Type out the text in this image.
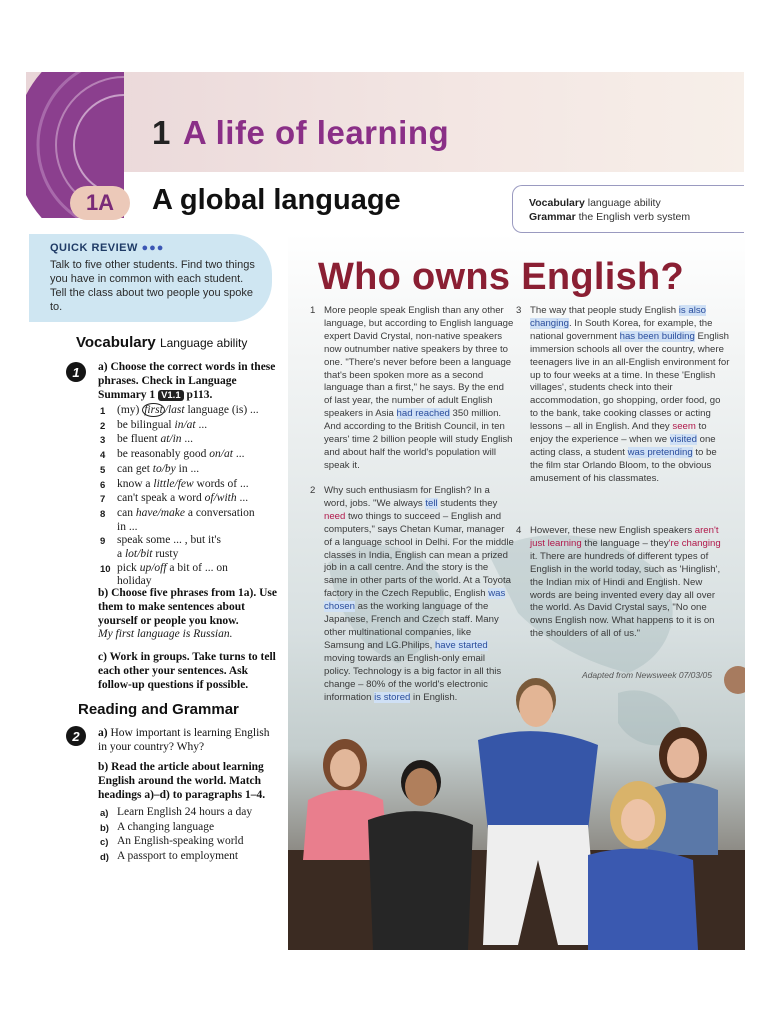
1 A life of learning
1A A global language	Vocabulary language ability
Grammar the English verb system
QUICK REVIEW ●●●
Talk to five other students. Find two things you have in common with each student. Tell the class about two people you spoke to.
Vocabulary Language ability
1	a) Choose the correct words in these phrases. Check in Language Summary 1 V1.1 p113.
1	(my) first /last language (is) ...
2	be bilingual in/at ...
3	be fluent at/in ...
4	be reasonably good on/at ...
5	can get to/by in ...
6	know a little/few words of ...
7	can't speak a word of/with ...
8	can have/make a conversation
in ...
9	speak some ... , but it's
a lot/bit rusty
10 pick up/off a bit of ... on
holiday
b) Choose five phrases from 1a). Use them to make sentences about yourself or people you know.
My first language is Russian.
c) Work in groups. Take turns to tell each other your sentences. Ask follow-up questions if possible.
Reading and Grammar
2	a) How important is learning English in your country? Why?
b) Read the article about learning English around the world. Match headings a)–d) to paragraphs 1–4.
a) Learn English 24 hours a day
b) A changing language
c) An English-speaking world
d) A passport to employment
Who owns English?
1 More people speak English than any other language, but according to English language expert David Crystal, non-native speakers now outnumber native speakers by three to one. "There's never before been a language that's been spoken more as a second language than a first," he says. By the end of last year, the number of adult English speakers in Asia had reached 350 million. And according to the British Council, in ten years' time 2 billion people will study English and about half the world's population will speak it.
2 Why such enthusiasm for English? In a word, jobs. "We always tell students they need two things to succeed – English and computers," says Chetan Kumar, manager of a language school in Delhi. For the middle classes in India, English can mean a prized job in a call centre. And the story is the same in other parts of the world. At a Toyota factory in the Czech Republic, English was chosen as the working language of the Japanese, French and Czech staff. Many other multinational companies, like Samsung and LG.Philips, have started moving towards an English-only email policy. Technology is a big factor in all this change – 80% of the world's electronic information is stored in English.
3 The way that people study English is also changing. In South Korea, for example, the national government has been building English immersion schools all over the country, where teenagers live in an all-English environment for up to four weeks at a time. In these 'English villages', students check into their accommodation, go shopping, order food, go to the bank, take cooking classes or acting lessons – all in English. And they seem to enjoy the experience – when we visited one acting class, a student was pretending to be the film star Orlando Bloom, to the obvious amusement of his classmates.
4 However, these new English speakers aren't just learning the language – they're changing it. There are hundreds of different types of English in the world today, such as 'Hinglish', the Indian mix of Hindi and English. New words are being invented every day all over the world. As David Crystal says, "No one owns English now. What happens to it is on the shoulders of all of us."
Adapted from Newsweek 07/03/05
